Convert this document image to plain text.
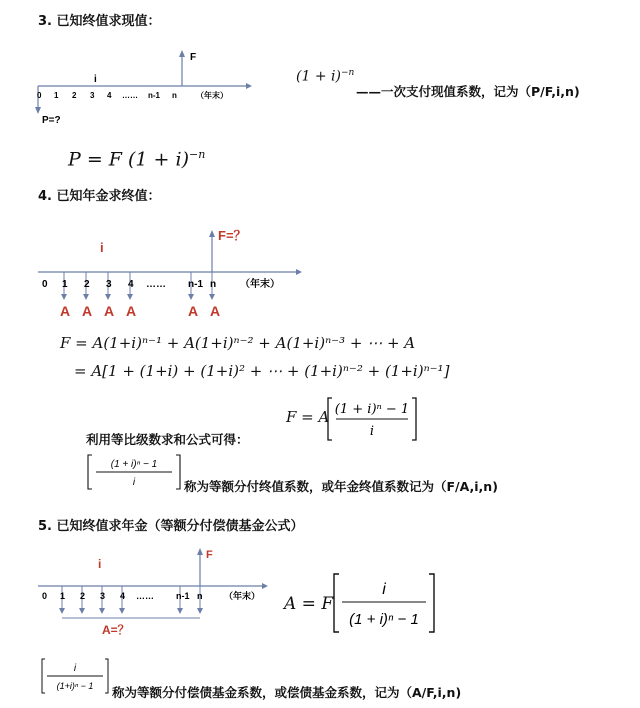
3. 已知终值求现值：
F
i
0 1 2 3 4 …… n-1 n （年末）
P=?
$(1 + i)^{-n}$
——一次支付现值系数，记为（P/F,i,n)
P = F $(1 + i)^{-n}$
4. 已知年金求终值：
F=？
i
0 1 2 3 4 …… n-1 n （年末）
A A A A	A A
F = A(1+i)ⁿ⁻¹ + A(1+i)ⁿ⁻² + A(1+i)ⁿ⁻³ + ⋯ + A
= A[1 + (1+i) + (1+i)² + ⋯ + (1+i)ⁿ⁻² + (1+i)ⁿ⁻¹]
利用等比级数求和公式可得：
F = A (1 + i)ⁿ − 1
i
(1 + i)ⁿ − 1
i	称为等额分付终值系数，或年金终值系数记为（F/A,i,n)
5. 已知终值求年金（等额分付偿债基金公式）
F
i
0 1 2 3 4 …… n-1 n （年末）
A=？
A = F
i
(1 + i)ⁿ − 1
i
(1+i)ⁿ − 1 称为等额分付偿债基金系数，或偿债基金系数，记为（A/F,i,n)
